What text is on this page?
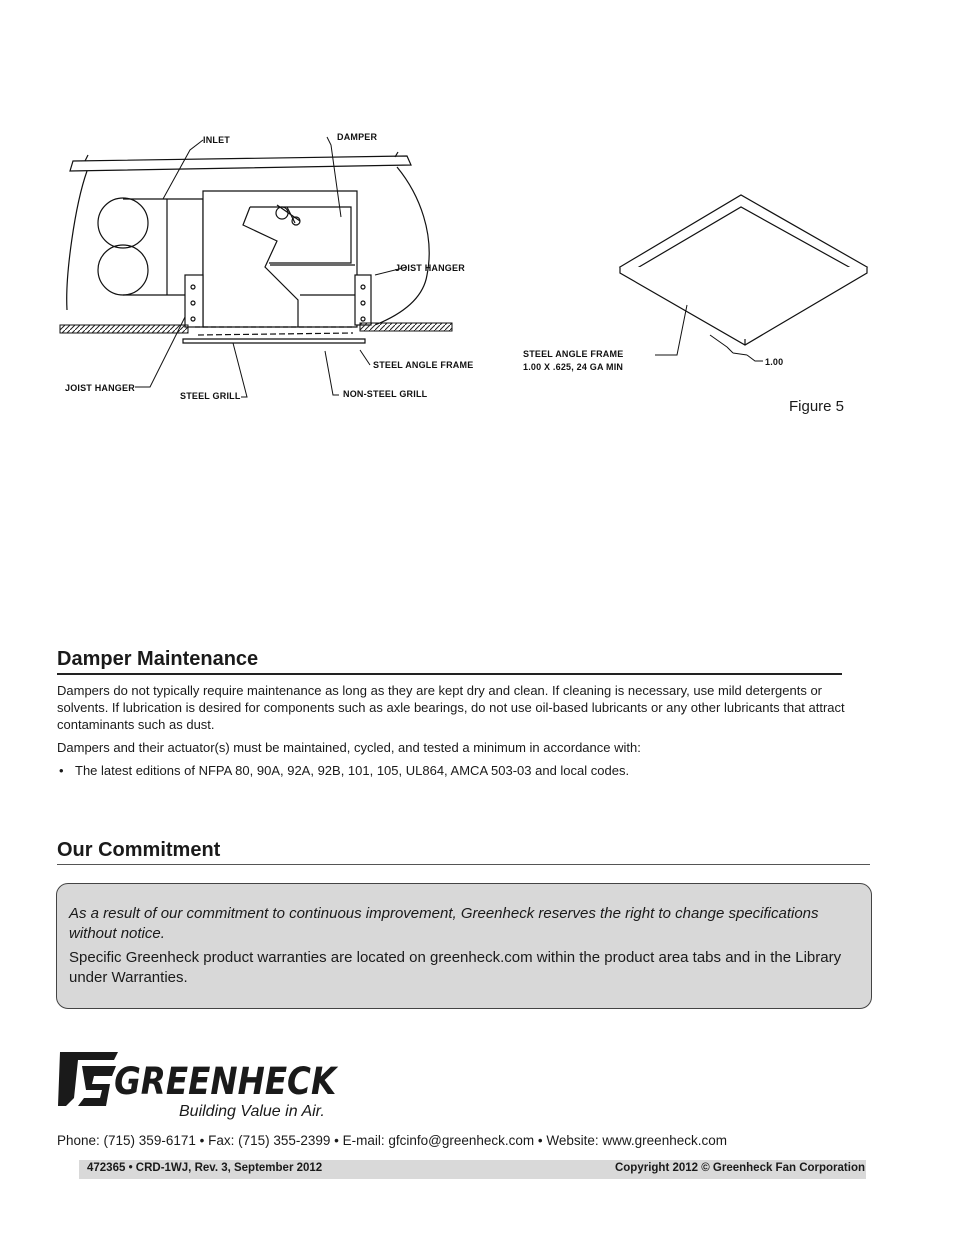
INLET	DAMPER
JOIST HANGER
STEEL ANGLE FRAME
JOIST HANGER
STEEL GRILL	NON-STEEL GRILL
STEEL ANGLE FRAME
1.00 X .625, 24 GA MIN	1.00
Figure 5
Damper Maintenance

Dampers do not typically require maintenance as long as they are kept dry and clean. If cleaning is necessary, use mild detergents or solvents. If lubrication is desired for components such as axle bearings, do not use oil-based lubricants or any other lubricants that attract contaminants such as dust.

Dampers and their actuator(s) must be maintained, cycled, and tested a minimum in accordance with:

• The latest editions of NFPA 80, 90A, 92A, 92B, 101, 105, UL864, AMCA 503-03 and local codes.
Our Commitment

As a result of our commitment to continuous improvement, Greenheck reserves the right to change specifications without notice.

Specific Greenheck product warranties are located on greenheck.com within the product area tabs and in the Library under Warranties.

GREENHECK
Building Value in Air.
Phone: (715) 359-6171 • Fax: (715) 355-2399 • E-mail: gfcinfo@greenheck.com • Website: www.greenheck.com
472365 • CRD-1WJ, Rev. 3, September 2012	Copyright 2012 © Greenheck Fan Corporation
